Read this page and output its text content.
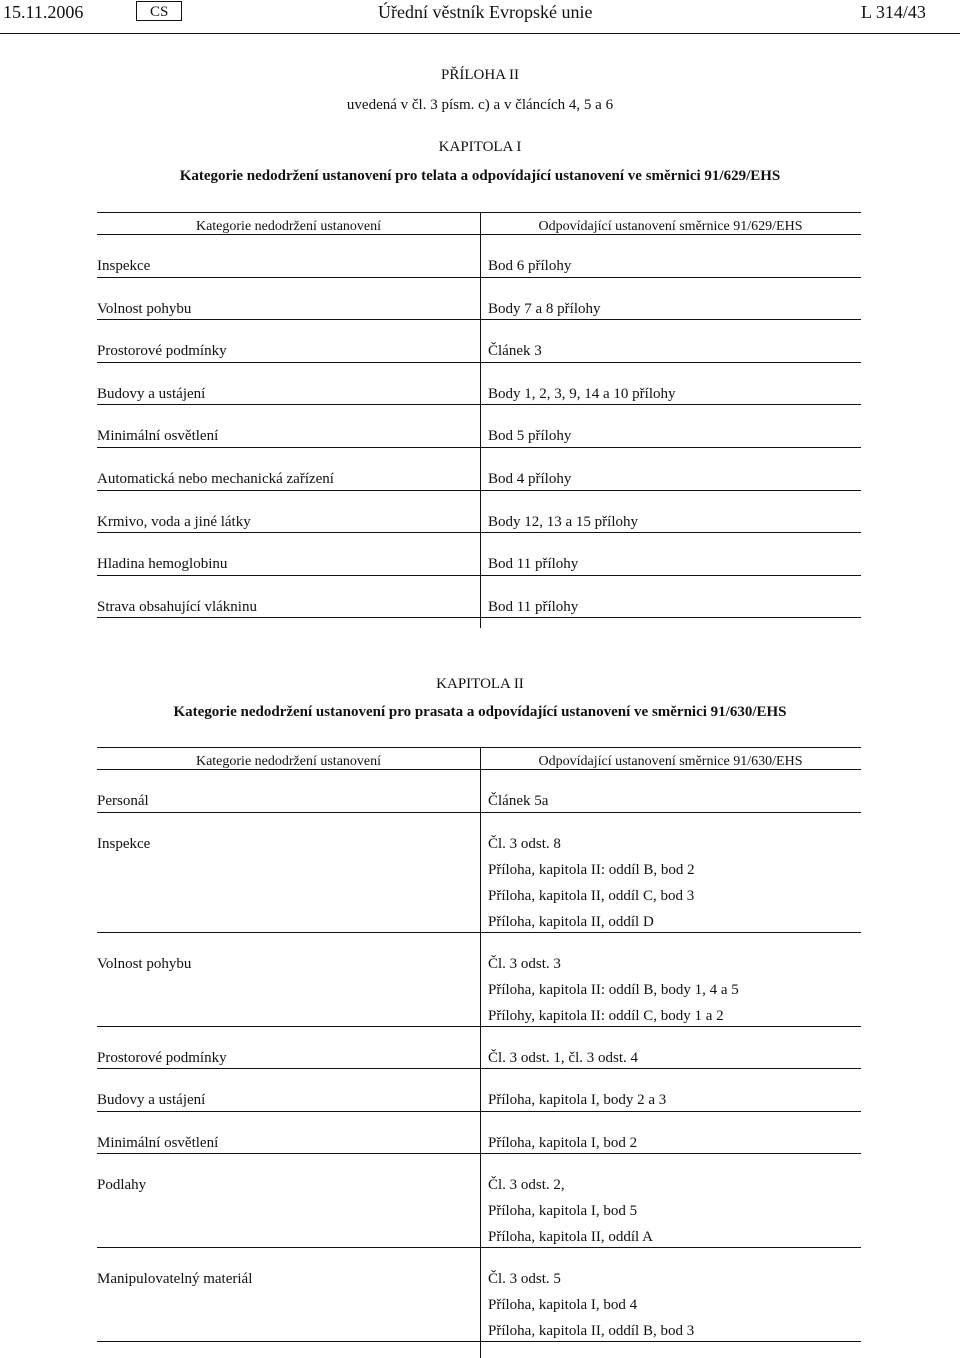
15.11.2006	CS	Úřední věstník Evropské unie	L 314/43
PŘÍLOHA II
uvedená v čl. 3 písm. c) a v článcích 4, 5 a 6
KAPITOLA I
Kategorie nedodržení ustanovení pro telata a odpovídající ustanovení ve směrnici 91/629/EHS
Kategorie nedodržení ustanovení	Odpovídající ustanovení směrnice 91/629/EHS
Inspekce	Bod 6 přílohy
Volnost pohybu	Body 7 a 8 přílohy
Prostorové podmínky	Článek 3
Budovy a ustájení	Body 1, 2, 3, 9, 14 a 10 přílohy
Minimální osvětlení	Bod 5 přílohy
Automatická nebo mechanická zařízení	Bod 4 přílohy
Krmivo, voda a jiné látky	Body 12, 13 a 15 přílohy
Hladina hemoglobinu	Bod 11 přílohy
Strava obsahující vlákninu	Bod 11 přílohy
KAPITOLA II
Kategorie nedodržení ustanovení pro prasata a odpovídající ustanovení ve směrnici 91/630/EHS
Kategorie nedodržení ustanovení	Odpovídající ustanovení směrnice 91/630/EHS
Personál	Článek 5a
Inspekce	Čl. 3 odst. 8
Příloha, kapitola II: oddíl B, bod 2
Příloha, kapitola II, oddíl C, bod 3
Příloha, kapitola II, oddíl D
Volnost pohybu	Čl. 3 odst. 3
Příloha, kapitola II: oddíl B, body 1, 4 a 5
Přílohy, kapitola II: oddíl C, body 1 a 2
Prostorové podmínky	Čl. 3 odst. 1, čl. 3 odst. 4
Budovy a ustájení	Příloha, kapitola I, body 2 a 3
Minimální osvětlení	Příloha, kapitola I, bod 2
Podlahy	Čl. 3 odst. 2,
Příloha, kapitola I, bod 5
Příloha, kapitola II, oddíl A
Manipulovatelný materiál	Čl. 3 odst. 5
Příloha, kapitola I, bod 4
Příloha, kapitola II, oddíl B, bod 3
